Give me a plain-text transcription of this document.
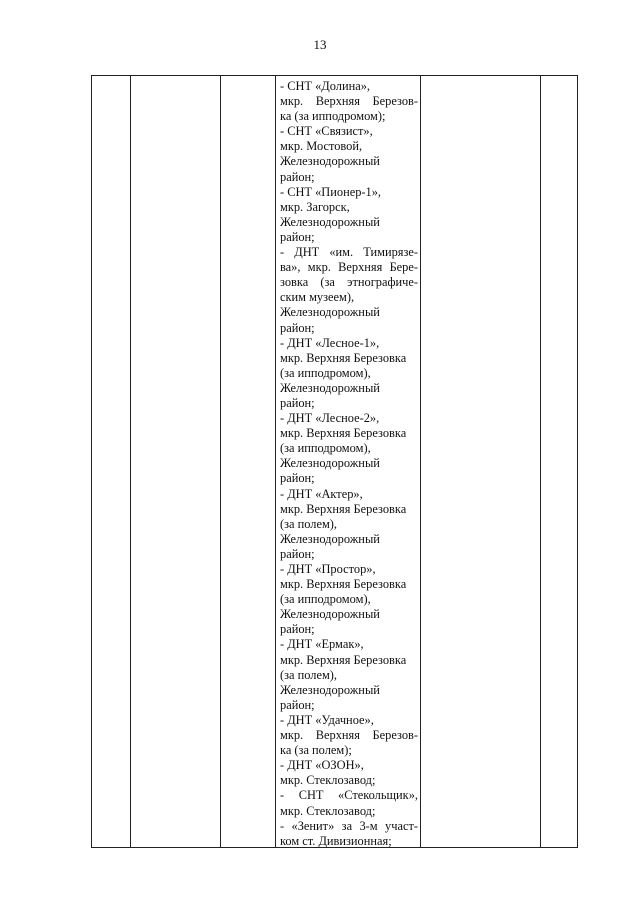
13
- СНТ «Долина»,
мкр. Верхняя Березов-
ка (за ипподромом);
- СНТ «Связист»,
мкр. Мостовой,
Железнодорожный
район;
- СНТ «Пионер-1»,
мкр. Загорск,
Железнодорожный
район;
- ДНТ «им. Тимирязе-
ва», мкр. Верхняя Бере-
зовка (за этнографиче-
ским музеем),
Железнодорожный
район;
- ДНТ «Лесное-1»,
мкр. Верхняя Березовка
(за ипподромом),
Железнодорожный
район;
- ДНТ «Лесное-2»,
мкр. Верхняя Березовка
(за ипподромом),
Железнодорожный
район;
- ДНТ «Актер»,
мкр. Верхняя Березовка
(за полем),
Железнодорожный
район;
- ДНТ «Простор»,
мкр. Верхняя Березовка
(за ипподромом),
Железнодорожный
район;
- ДНТ «Ермак»,
мкр. Верхняя Березовка
(за полем),
Железнодорожный
район;
- ДНТ «Удачное»,
мкр. Верхняя Березов-
ка (за полем);
- ДНТ «ОЗОН»,
мкр. Стеклозавод;
- СНТ «Стекольщик»,
мкр. Стеклозавод;
- «Зенит» за 3-м участ-
ком ст. Дивизионная;
